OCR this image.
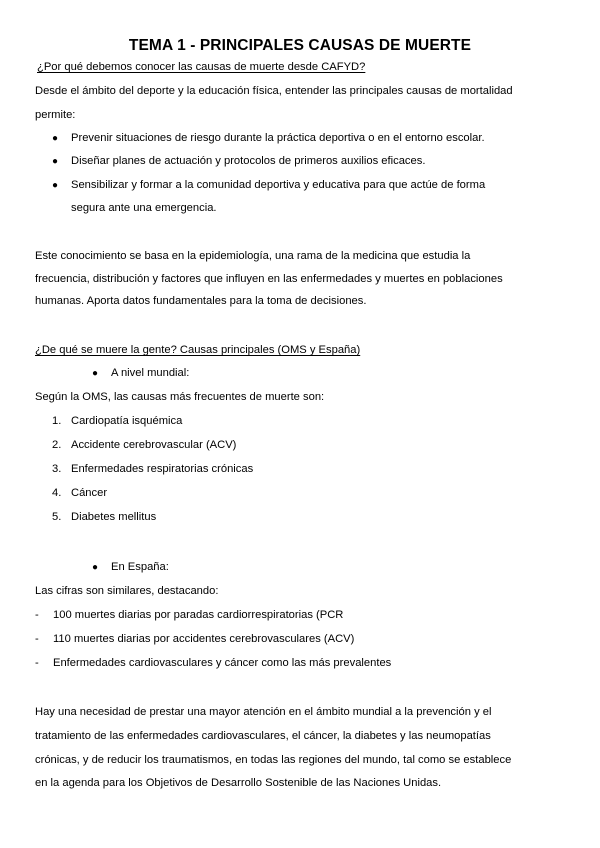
TEMA 1 - PRINCIPALES CAUSAS DE MUERTE
¿Por qué debemos conocer las causas de muerte desde CAFYD?
Desde el ámbito del deporte y la educación física, entender las principales causas de mortalidad
permite:
● Prevenir situaciones de riesgo durante la práctica deportiva o en el entorno escolar.
● Diseñar planes de actuación y protocolos de primeros auxilios eficaces.
● Sensibilizar y formar a la comunidad deportiva y educativa para que actúe de forma
segura ante una emergencia.
Este conocimiento se basa en la epidemiología, una rama de la medicina que estudia la
frecuencia, distribución y factores que influyen en las enfermedades y muertes en poblaciones
humanas. Aporta datos fundamentales para la toma de decisiones.
¿De qué se muere la gente? Causas principales (OMS y España)
● A nivel mundial:
Según la OMS, las causas más frecuentes de muerte son:
1. Cardiopatía isquémica
2. Accidente cerebrovascular (ACV)
3. Enfermedades respiratorias crónicas
4. Cáncer
5. Diabetes mellitus
● En España:
Las cifras son similares, destacando:
- 100 muertes diarias por paradas cardiorrespiratorias (PCR
- 110 muertes diarias por accidentes cerebrovasculares (ACV)
- Enfermedades cardiovasculares y cáncer como las más prevalentes
Hay una necesidad de prestar una mayor atención en el ámbito mundial a la prevención y el
tratamiento de las enfermedades cardiovasculares, el cáncer, la diabetes y las neumopatías
crónicas, y de reducir los traumatismos, en todas las regiones del mundo, tal como se establece
en la agenda para los Objetivos de Desarrollo Sostenible de las Naciones Unidas.
